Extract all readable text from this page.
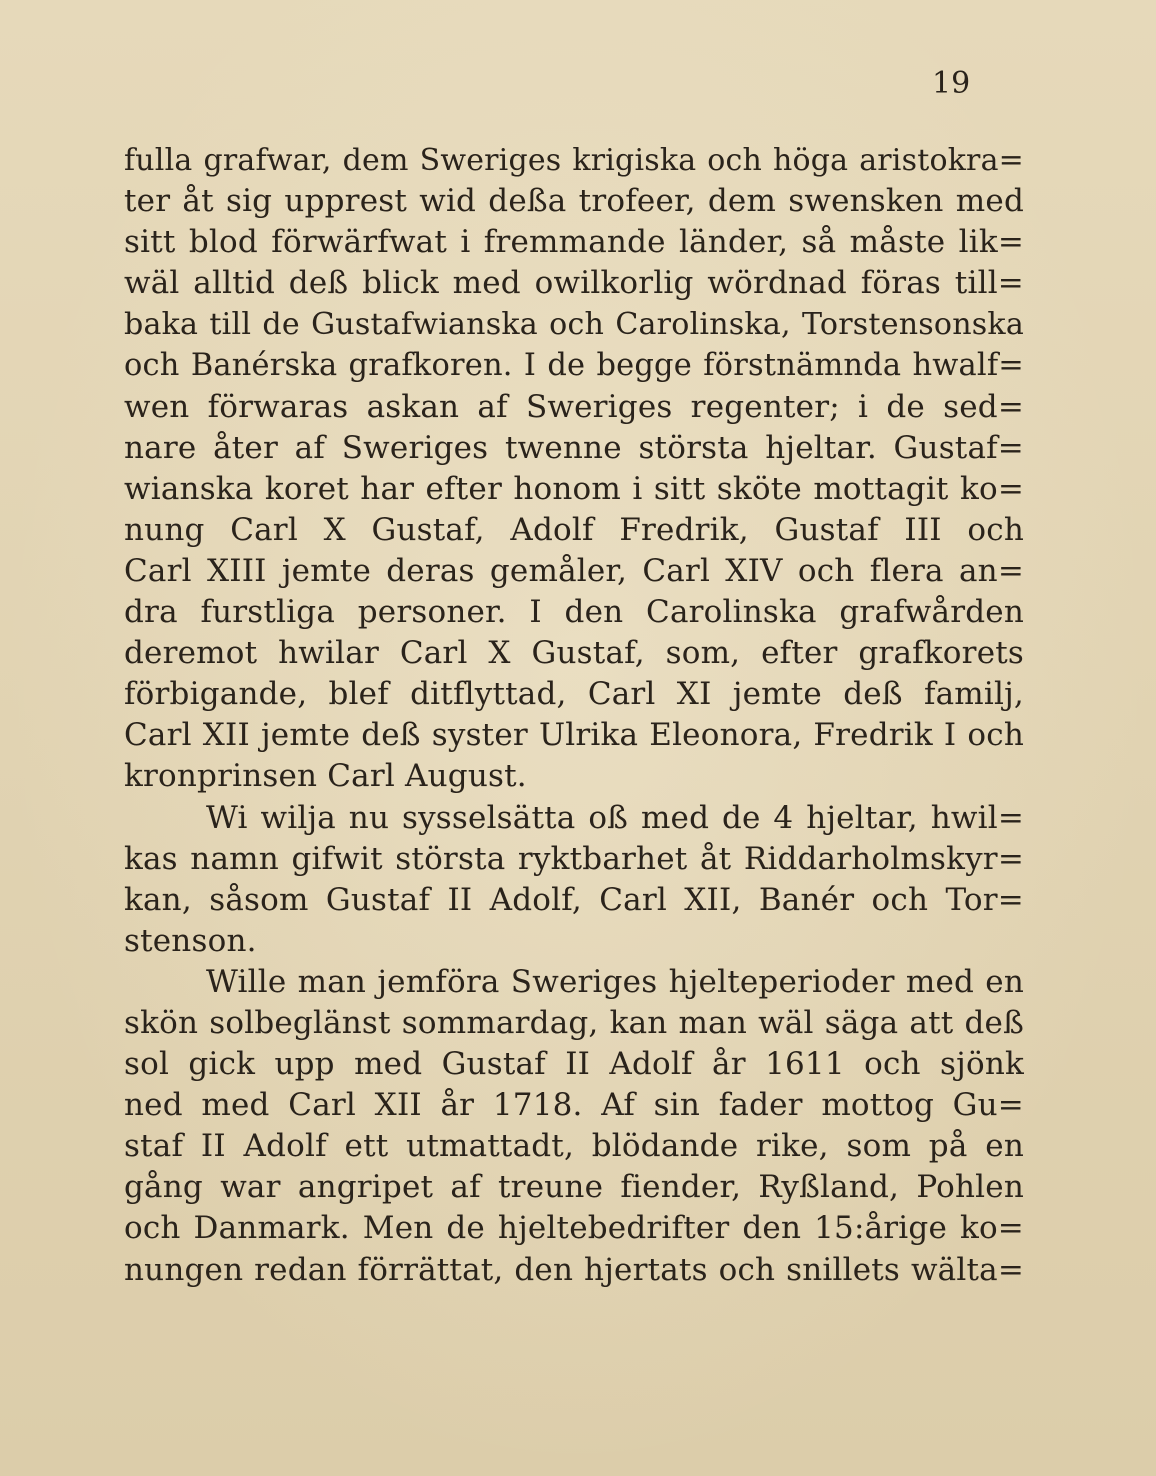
19
fulla grafwar, dem Sweriges krigiska och höga aristokra=
ter åt sig upprest wid deßa trofeer, dem swensken med
sitt blod förwärfwat i fremmande länder, så måste lik=
wäl alltid deß blick med owilkorlig wördnad föras till=
baka till de Gustafwianska och Carolinska, Torstensonska
och Banérska grafkoren. I de begge förstnämnda hwalf=
wen förwaras askan af Sweriges regenter; i de sed=
nare åter af Sweriges twenne största hjeltar. Gustaf=
wianska koret har efter honom i sitt sköte mottagit ko=
nung Carl X Gustaf, Adolf Fredrik, Gustaf III och
Carl XIII jemte deras gemåler, Carl XIV och flera an=
dra furstliga personer. I den Carolinska grafwården
deremot hwilar Carl X Gustaf, som, efter grafkorets
förbigande, blef ditflyttad, Carl XI jemte deß familj,
Carl XII jemte deß syster Ulrika Eleonora, Fredrik I och
kronprinsen Carl August.
Wi wilja nu sysselsätta oß med de 4 hjeltar, hwil=
kas namn gifwit största ryktbarhet åt Riddarholmskyr=
kan, såsom Gustaf II Adolf, Carl XII, Banér och Tor=
stenson.
Wille man jemföra Sweriges hjelteperioder med en
skön solbeglänst sommardag, kan man wäl säga att deß
sol gick upp med Gustaf II Adolf år 1611 och sjönk
ned med Carl XII år 1718. Af sin fader mottog Gu=
staf II Adolf ett utmattadt, blödande rike, som på en
gång war angripet af treune fiender, Ryßland, Pohlen
och Danmark. Men de hjeltebedrifter den 15:årige ko=
nungen redan förrättat, den hjertats och snillets wälta=
